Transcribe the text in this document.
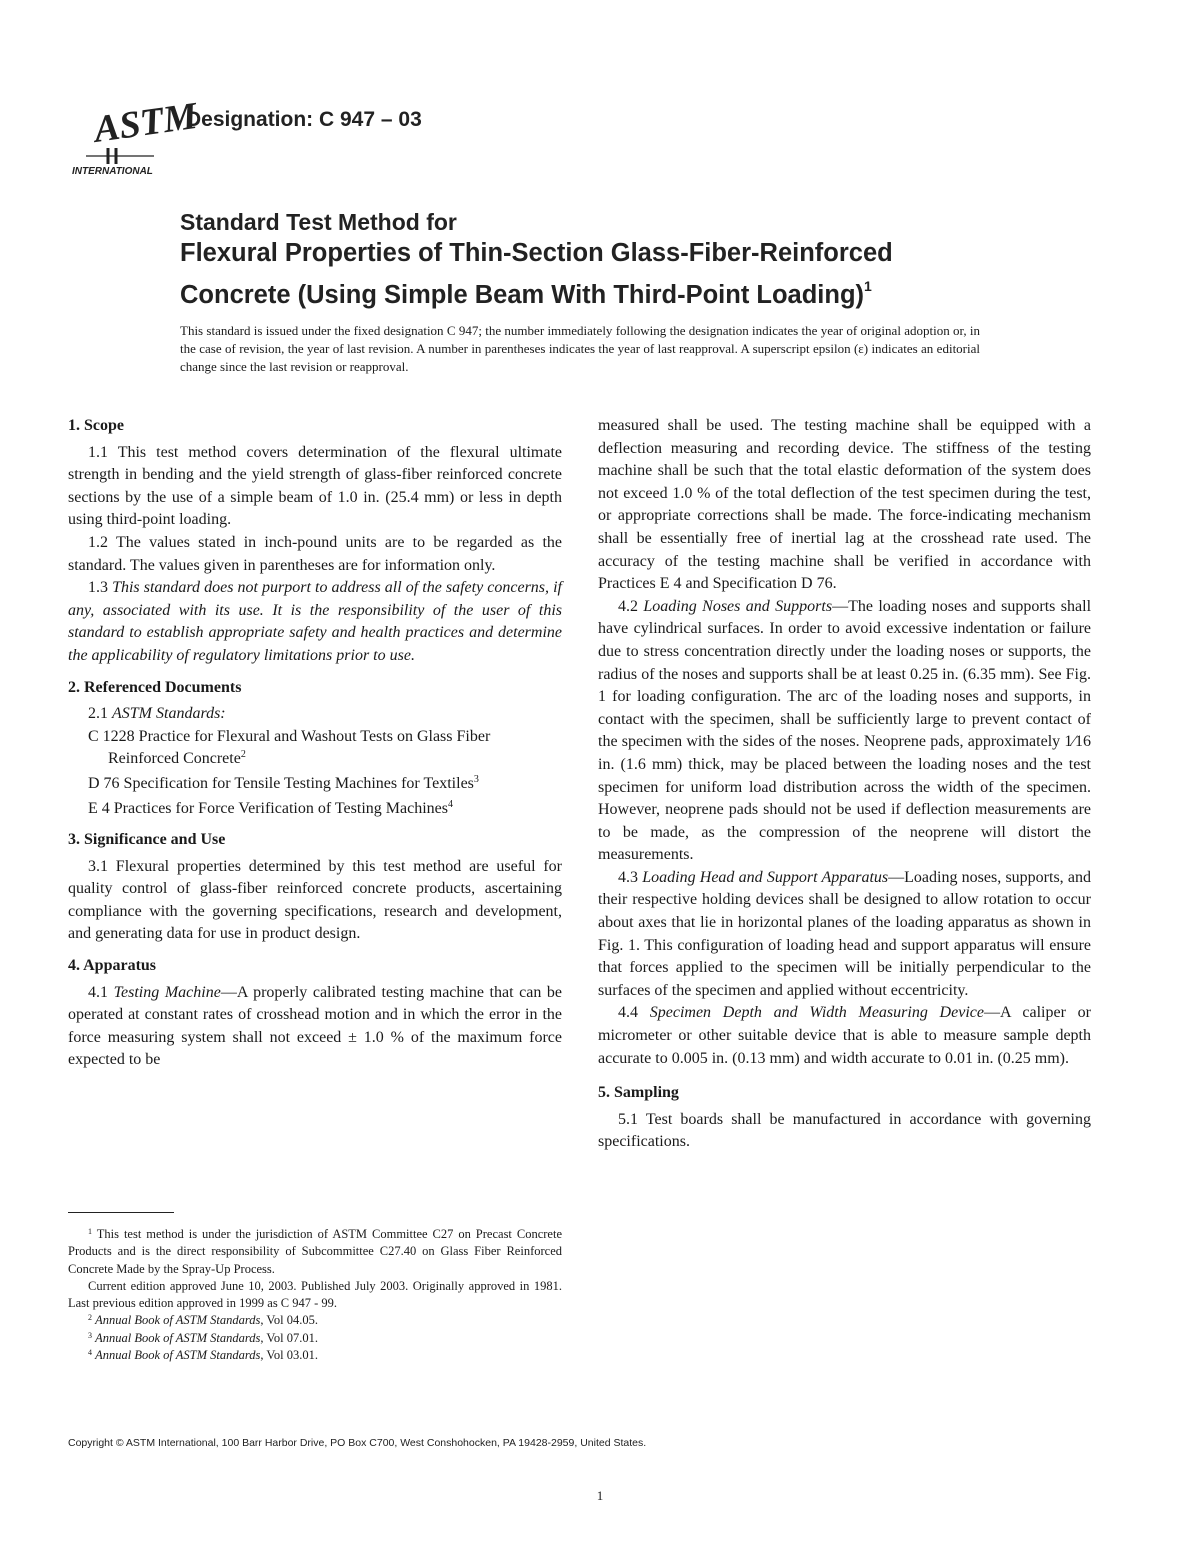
ASTM
INTERNATIONAL
Designation: C 947 – 03
Standard Test Method for
Flexural Properties of Thin-Section Glass-Fiber-Reinforced
Concrete (Using Simple Beam With Third-Point Loading)$^1$
This standard is issued under the fixed designation C 947; the number immediately following the designation indicates the year of original adoption or, in the case of revision, the year of last revision. A number in parentheses indicates the year of last reapproval. A superscript epsilon (ε) indicates an editorial change since the last revision or reapproval.
1. Scope

1.1 This test method covers determination of the flexural ultimate strength in bending and the yield strength of glass-fiber reinforced concrete sections by the use of a simple beam of 1.0 in. (25.4 mm) or less in depth using third-point loading.

1.2 The values stated in inch-pound units are to be regarded as the standard. The values given in parentheses are for information only.

1.3 This standard does not purport to address all of the safety concerns, if any, associated with its use. It is the responsibility of the user of this standard to establish appropriate safety and health practices and determine the applicability of regulatory limitations prior to use.

2. Referenced Documents
2.1 ASTM Standards:
C 1228 Practice for Flexural and Washout Tests on Glass Fiber Reinforced Concrete$^2$
D 76 Specification for Tensile Testing Machines for Textiles$^3$
E 4 Practices for Force Verification of Testing Machines$^4$
3. Significance and Use

3.1 Flexural properties determined by this test method are useful for quality control of glass-fiber reinforced concrete products, ascertaining compliance with the governing specifications, research and development, and generating data for use in product design.

4. Apparatus

4.1 Testing Machine—A properly calibrated testing machine that can be operated at constant rates of crosshead motion and in which the error in the force measuring system shall not exceed ± 1.0 % of the maximum force expected to be

$^1$ This test method is under the jurisdiction of ASTM Committee C27 on Precast Concrete Products and is the direct responsibility of Subcommittee C27.40 on Glass Fiber Reinforced Concrete Made by the Spray-Up Process.

Current edition approved June 10, 2003. Published July 2003. Originally approved in 1981. Last previous edition approved in 1999 as C 947 - 99.

$^2$ Annual Book of ASTM Standards, Vol 04.05.

$^3$ Annual Book of ASTM Standards, Vol 07.01.

$^4$ Annual Book of ASTM Standards, Vol 03.01.

measured shall be used. The testing machine shall be equipped with a deflection measuring and recording device. The stiffness of the testing machine shall be such that the total elastic deformation of the system does not exceed 1.0 % of the total deflection of the test specimen during the test, or appropriate corrections shall be made. The force-indicating mechanism shall be essentially free of inertial lag at the crosshead rate used. The accuracy of the testing machine shall be verified in accordance with Practices E 4 and Specification D 76.

4.2 Loading Noses and Supports—The loading noses and supports shall have cylindrical surfaces. In order to avoid excessive indentation or failure due to stress concentration directly under the loading noses or supports, the radius of the noses and supports shall be at least 0.25 in. (6.35 mm). See Fig. 1 for loading configuration. The arc of the loading noses and supports, in contact with the specimen, shall be sufficiently large to prevent contact of the specimen with the sides of the noses. Neoprene pads, approximately 1⁄16 in. (1.6 mm) thick, may be placed between the loading noses and the test specimen for uniform load distribution across the width of the specimen. However, neoprene pads should not be used if deflection measurements are to be made, as the compression of the neoprene will distort the measurements.

4.3 Loading Head and Support Apparatus—Loading noses, supports, and their respective holding devices shall be designed to allow rotation to occur about axes that lie in horizontal planes of the loading apparatus as shown in Fig. 1. This configuration of loading head and support apparatus will ensure that forces applied to the specimen will be initially perpendicular to the surfaces of the specimen and applied without eccentricity.

4.4 Specimen Depth and Width Measuring Device—A caliper or micrometer or other suitable device that is able to measure sample depth accurate to 0.005 in. (0.13 mm) and width accurate to 0.01 in. (0.25 mm).

5. Sampling

5.1 Test boards shall be manufactured in accordance with governing specifications.

Copyright © ASTM International, 100 Barr Harbor Drive, PO Box C700, West Conshohocken, PA 19428-2959, United States.
1
